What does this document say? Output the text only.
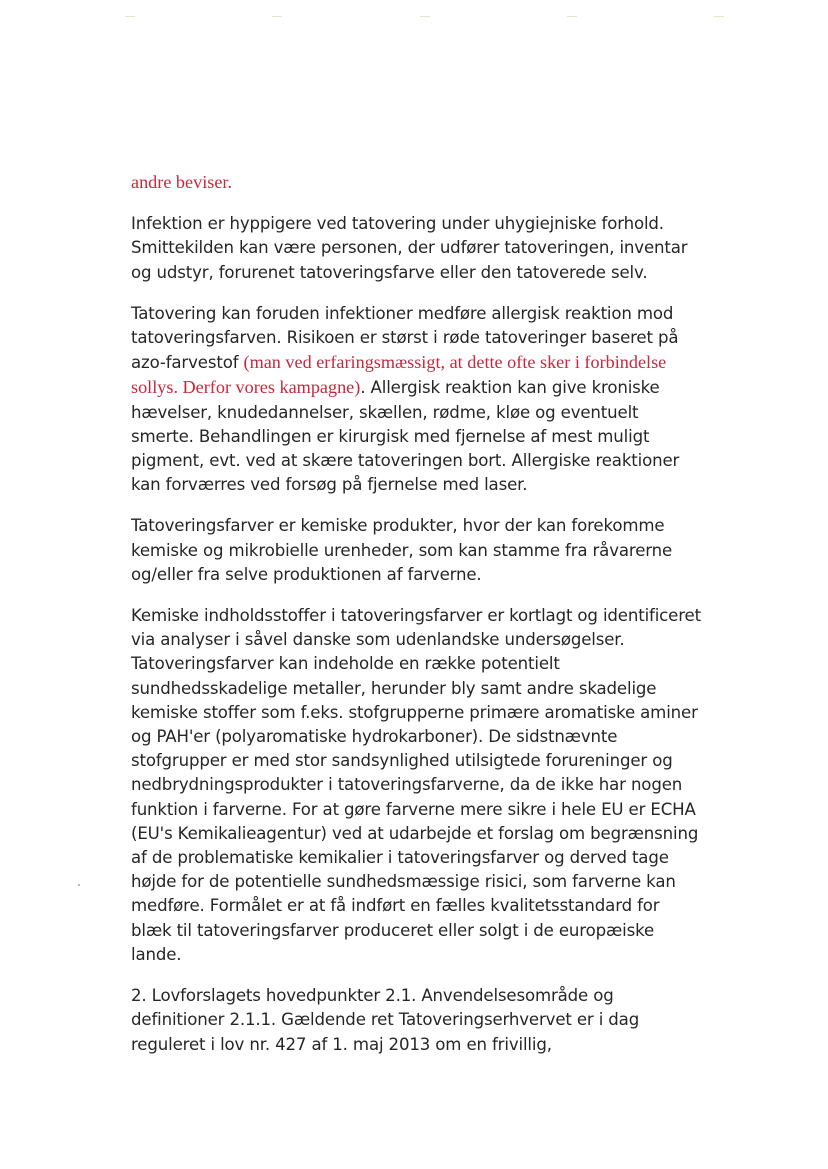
andre beviser.

Infektion er hyppigere ved tatovering under uhygiejniske forhold. Smittekilden kan være personen, der udfører tatoveringen, inventar og udstyr, forurenet tatoveringsfarve eller den tatoverede selv.

Tatovering kan foruden infektioner medføre allergisk reaktion mod tatoveringsfarven. Risikoen er størst i røde tatoveringer baseret på azo-farvestof (man ved erfaringsmæssigt, at dette ofte sker i forbindelse sollys. Derfor vores kampagne). Allergisk reaktion kan give kroniske hævelser, knudedannelser, skællen, rødme, kløe og eventuelt smerte. Behandlingen er kirurgisk med fjernelse af mest muligt pigment, evt. ved at skære tatoveringen bort. Allergiske reaktioner kan forværres ved forsøg på fjernelse med laser.

Tatoveringsfarver er kemiske produkter, hvor der kan forekomme kemiske og mikrobielle urenheder, som kan stamme fra råvarerne og/eller fra selve produktionen af farverne.

Kemiske indholdsstoffer i tatoveringsfarver er kortlagt og identificeret via analyser i såvel danske som udenlandske undersøgelser. Tatoveringsfarver kan indeholde en række potentielt sundhedsskadelige metaller, herunder bly samt andre skadelige kemiske stoffer som f.eks. stofgrupperne primære aromatiske aminer og PAH'er (polyaromatiske hydrokarboner). De sidstnævnte stofgrupper er med stor sandsynlighed utilsigtede forureninger og nedbrydningsprodukter i tatoveringsfarverne, da de ikke har nogen funktion i farverne. For at gøre farverne mere sikre i hele EU er ECHA (EU's Kemikalieagentur) ved at udarbejde et forslag om begrænsning af de problematiske kemikalier i tatoveringsfarver og derved tage højde for de potentielle sundhedsmæssige risici, som farverne kan medføre. Formålet er at få indført en fælles kvalitetsstandard for blæk til tatoveringsfarver produceret eller solgt i de europæiske lande.

2. Lovforslagets hovedpunkter 2.1. Anvendelsesområde og definitioner 2.1.1. Gældende ret Tatoveringserhvervet er i dag reguleret i lov nr. 427 af 1. maj 2013 om en frivillig,
